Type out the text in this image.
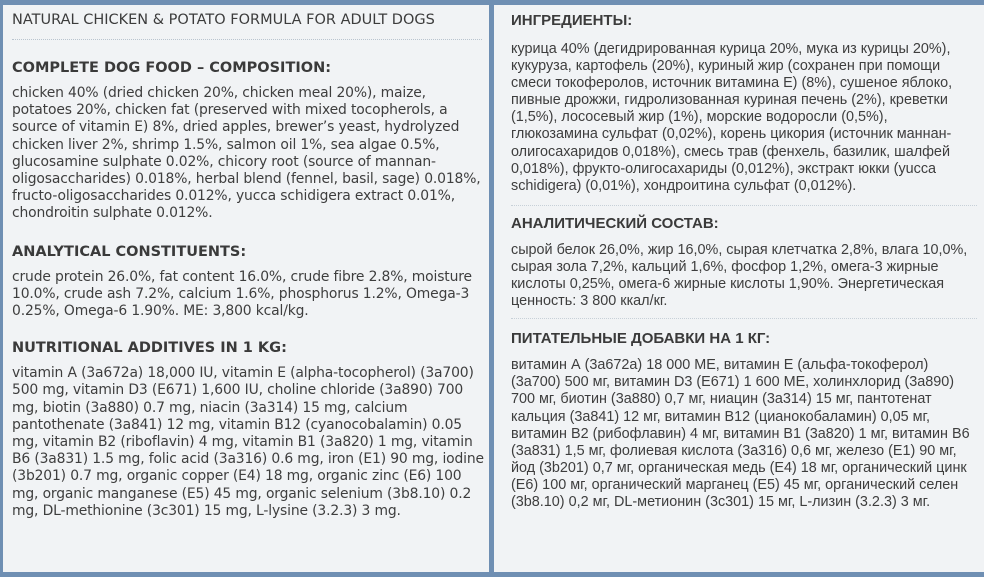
NATURAL CHICKEN & POTATO FORMULA FOR ADULT DOGS
COMPLETE DOG FOOD – COMPOSITION:
chicken 40% (dried chicken 20%, chicken meal 20%), maize, potatoes 20%, chicken fat (preserved with mixed tocopherols, a source of vitamin E) 8%, dried apples, brewer’s yeast, hydrolyzed chicken liver 2%, shrimp 1.5%, salmon oil 1%, sea algae 0.5%, glucosamine sulphate 0.02%, chicory root (source of mannan-oligosaccharides) 0.018%, herbal blend (fennel, basil, sage) 0.018%, fructo-oligosaccharides 0.012%, yucca schidigera extract 0.01%, chondroitin sulphate 0.012%.
ANALYTICAL CONSTITUENTS:
crude protein 26.0%, fat content 16.0%, crude fibre 2.8%, moisture 10.0%, crude ash 7.2%, calcium 1.6%, phosphorus 1.2%, Omega-3 0.25%, Omega-6 1.90%. ME: 3,800 kcal/kg.
NUTRITIONAL ADDITIVES IN 1 KG:
vitamin A (3a672a) 18,000 IU, vitamin E (alpha-tocopherol) (3a700) 500 mg, vitamin D3 (E671) 1,600 IU, choline chloride (3a890) 700 mg, biotin (3a880) 0.7 mg, niacin (3a314) 15 mg, calcium pantothenate (3a841) 12 mg, vitamin B12 (cyanocobalamin) 0.05 mg, vitamin B2 (riboflavin) 4 mg, vitamin B1 (3a820) 1 mg, vitamin B6 (3a831) 1.5 mg, folic acid (3a316) 0.6 mg, iron (E1) 90 mg, iodine (3b201) 0.7 mg, organic copper (E4) 18 mg, organic zinc (E6) 100 mg, organic manganese (E5) 45 mg, organic selenium (3b8.10) 0.2 mg, DL-methionine (3c301) 15 mg, L-lysine (3.2.3) 3 mg.
ИНГРЕДИЕНТЫ:
курица 40% (дегидрированная курица 20%, мука из курицы 20%), кукуруза, картофель (20%), куриный жир (сохранен при помощи смеси токоферолов, источник витамина Е) (8%), сушеное яблоко, пивные дрожжи, гидролизованная куриная печень (2%), креветки (1,5%), лососевый жир (1%), морские водоросли (0,5%), глюкозамина сульфат (0,02%), корень цикория (источник маннан-олигосахаридов 0,018%), смесь трав (фенхель, базилик, шалфей 0,018%), фрукто-олигосахариды (0,012%), экстракт юкки (yucca schidigera) (0,01%), хондроитина сульфат (0,012%).
АНАЛИТИЧЕСКИЙ СОСТАВ:
сырой белок 26,0%, жир 16,0%, сырая клетчатка 2,8%, влага 10,0%, сырая зола 7,2%, кальций 1,6%, фосфор 1,2%, омега-3 жирные кислоты 0,25%, омега-6 жирные кислоты 1,90%. Энергетическая ценность: 3 800 ккал/кг.
ПИТАТЕЛЬНЫЕ ДОБАВКИ НА 1 КГ:
витамин А (3а672а) 18 000 МЕ, витамин Е (альфа-токоферол) (3а700) 500 мг, витамин D3 (E671) 1 600 МЕ, холинхлорид (3а890) 700 мг, биотин (3а880) 0,7 мг, ниацин (3а314) 15 мг, пантотенат кальция (3а841) 12 мг, витамин В12 (цианокобаламин) 0,05 мг, витамин В2 (рибофлавин) 4 мг, витамин В1 (3а820) 1 мг, витамин В6 (3а831) 1,5 мг, фолиевая кислота (3а316) 0,6 мг, железо (Е1) 90 мг, йод (3b201) 0,7 мг, органическая медь (Е4) 18 мг, органический цинк (Е6) 100 мг, органический марганец (Е5) 45 мг, органический селен (3b8.10) 0,2 мг, DL-метионин (3с301) 15 мг, L-лизин (3.2.3) 3 мг.
